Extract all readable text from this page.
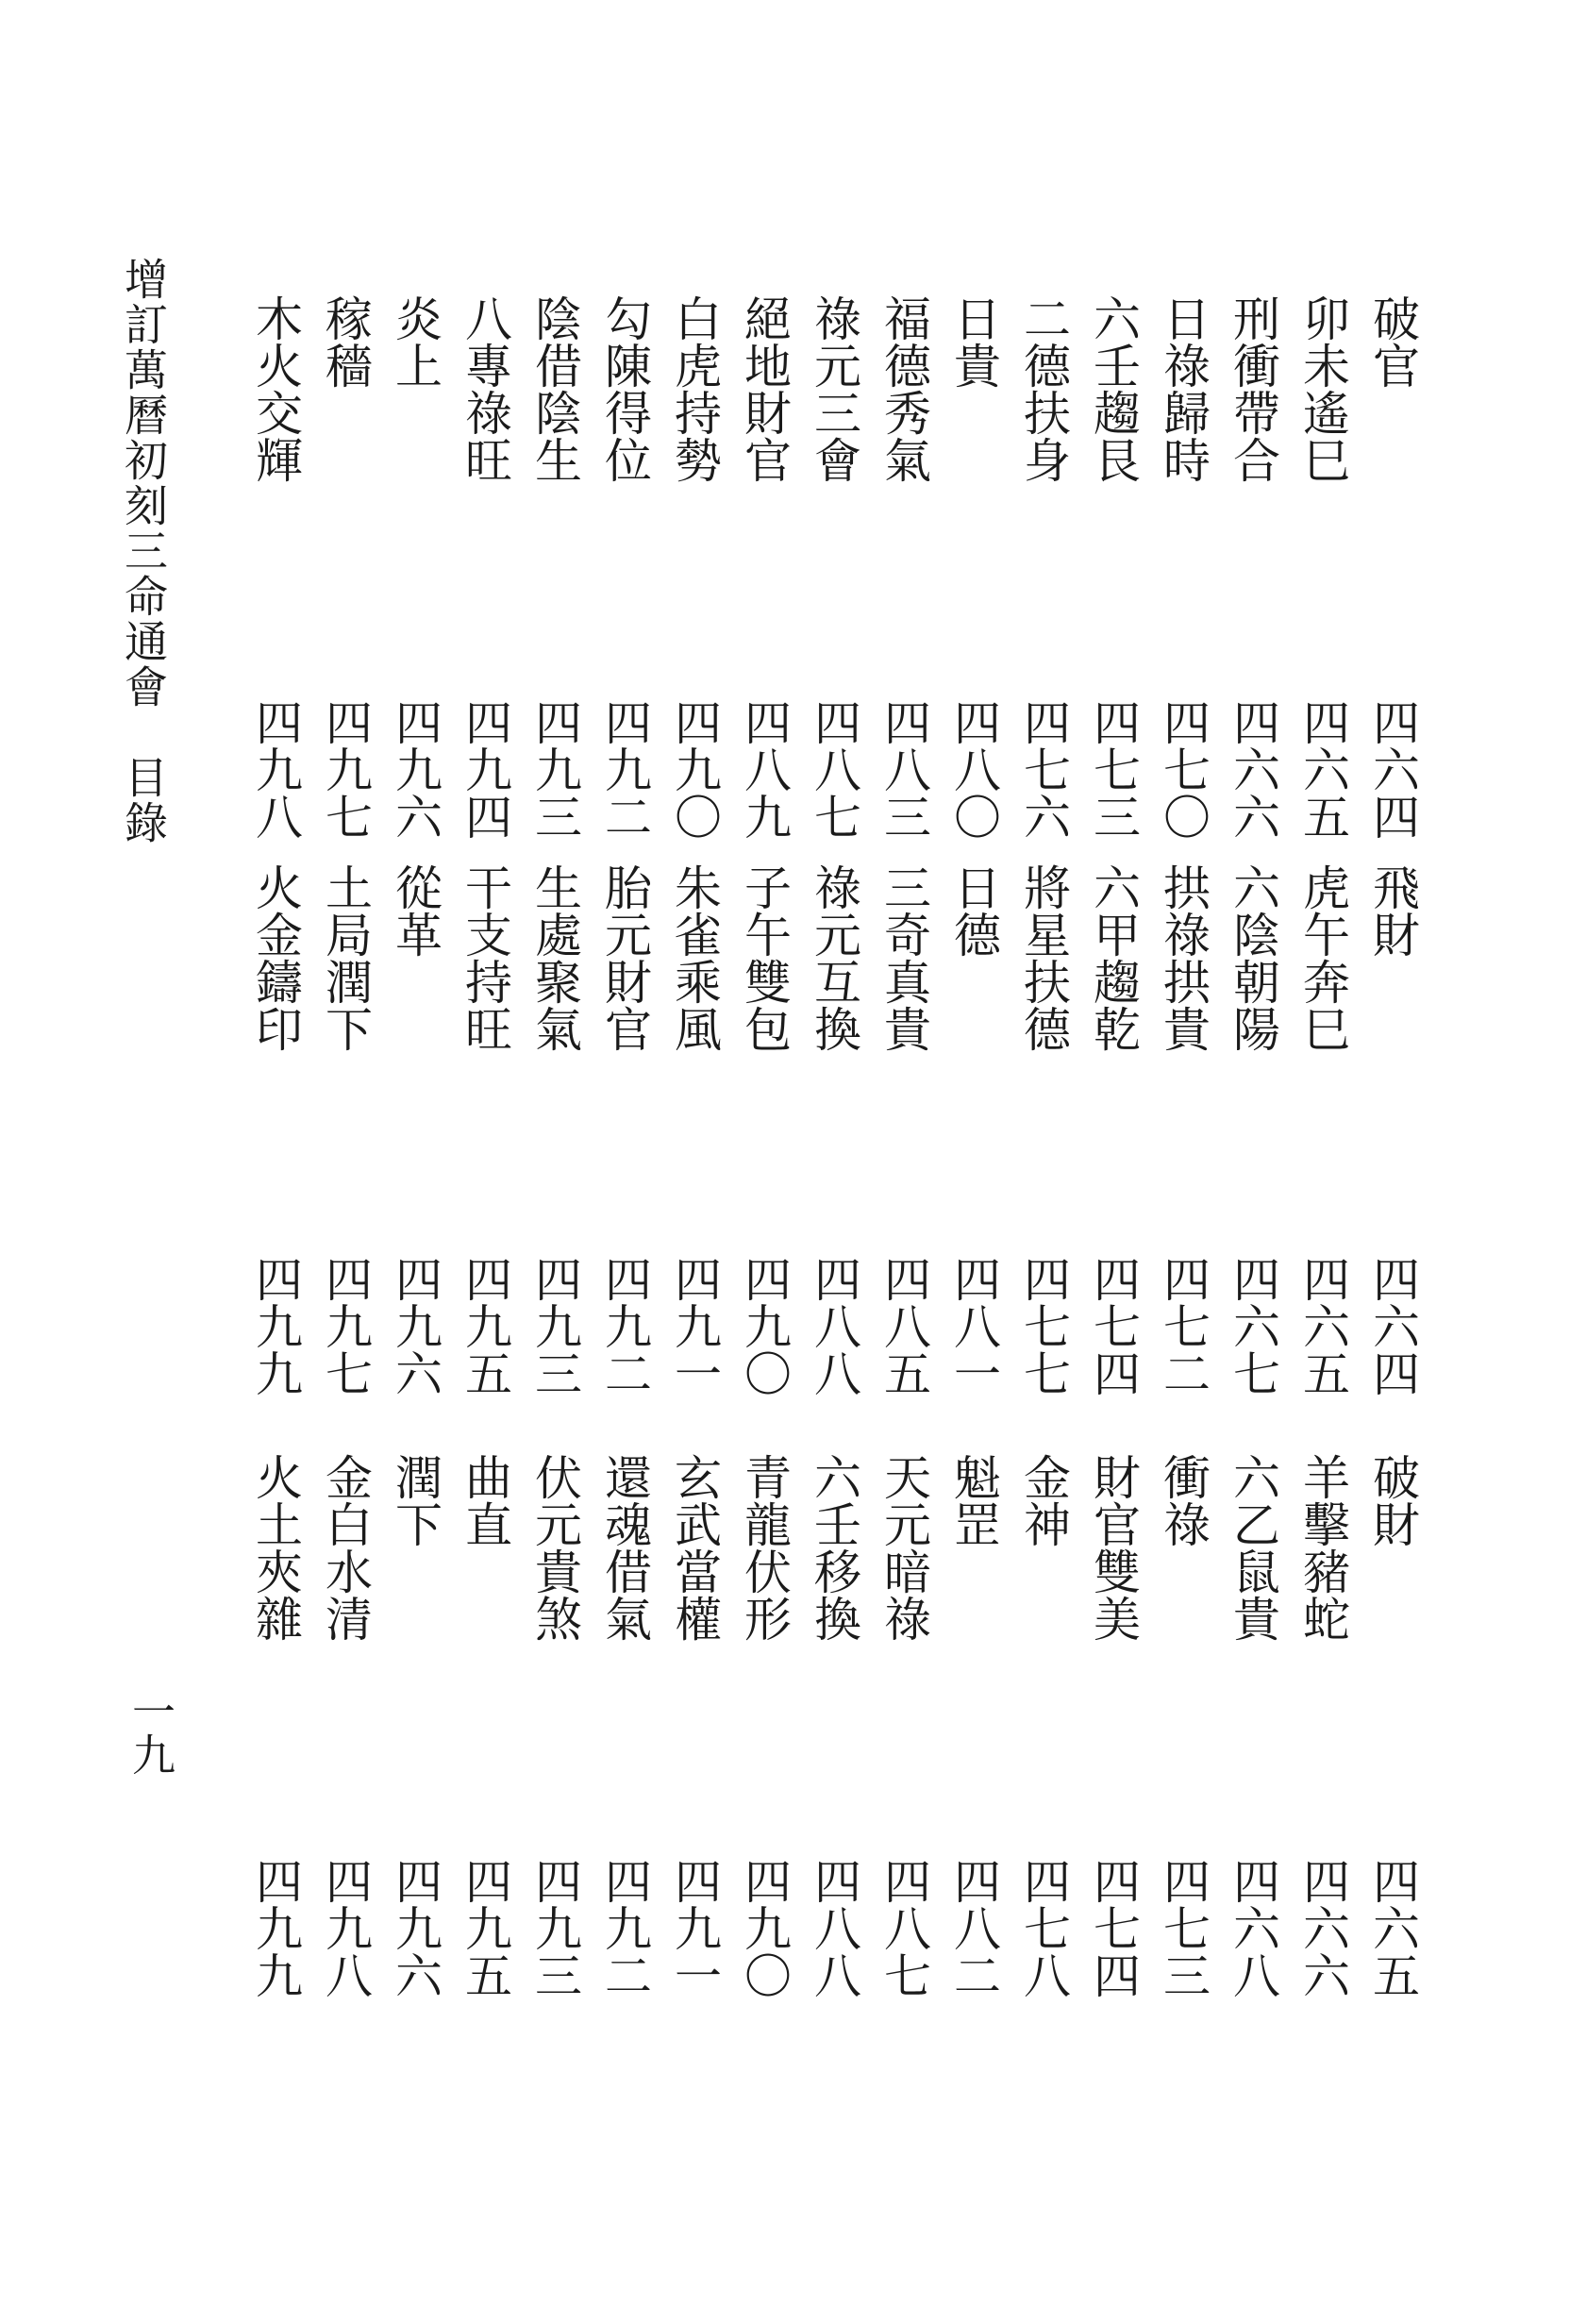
增訂萬曆初刻三命通會　目錄
一九
破官
四六四
飛財
四六四
破財
四六五
卯未遙巳
四六五
虎午奔巳
四六五
羊擊豬蛇
四六六
刑衝帶合
四六六
六陰朝陽
四六七
六乙鼠貴
四六八
日祿歸時
四七〇
拱祿拱貴
四七二
衝祿
四七三
六壬趨艮
四七三
六甲趨乾
四七四
財官雙美
四七四
二德扶身
四七六
將星扶德
四七七
金神
四七八
日貴
四八〇
日德
四八一
魁罡
四八二
福德秀氣
四八三
三奇真貴
四八五
天元暗祿
四八七
祿元三會
四八七
祿元互換
四八八
六壬移換
四八八
絕地財官
四八九
子午雙包
四九〇
青龍伏形
四九〇
白虎持勢
四九〇
朱雀乘風
四九一
玄武當權
四九一
勾陳得位
四九二
胎元財官
四九二
還魂借氣
四九二
陰借陰生
四九三
生處聚氣
四九三
伏元貴煞
四九三
八專祿旺
四九四
干支持旺
四九五
曲直
四九五
炎上
四九六
從革
四九六
潤下
四九六
稼穡
四九七
土局潤下
四九七
金白水清
四九八
木火交輝
四九八
火金鑄印
四九九
火土夾雜
四九九
